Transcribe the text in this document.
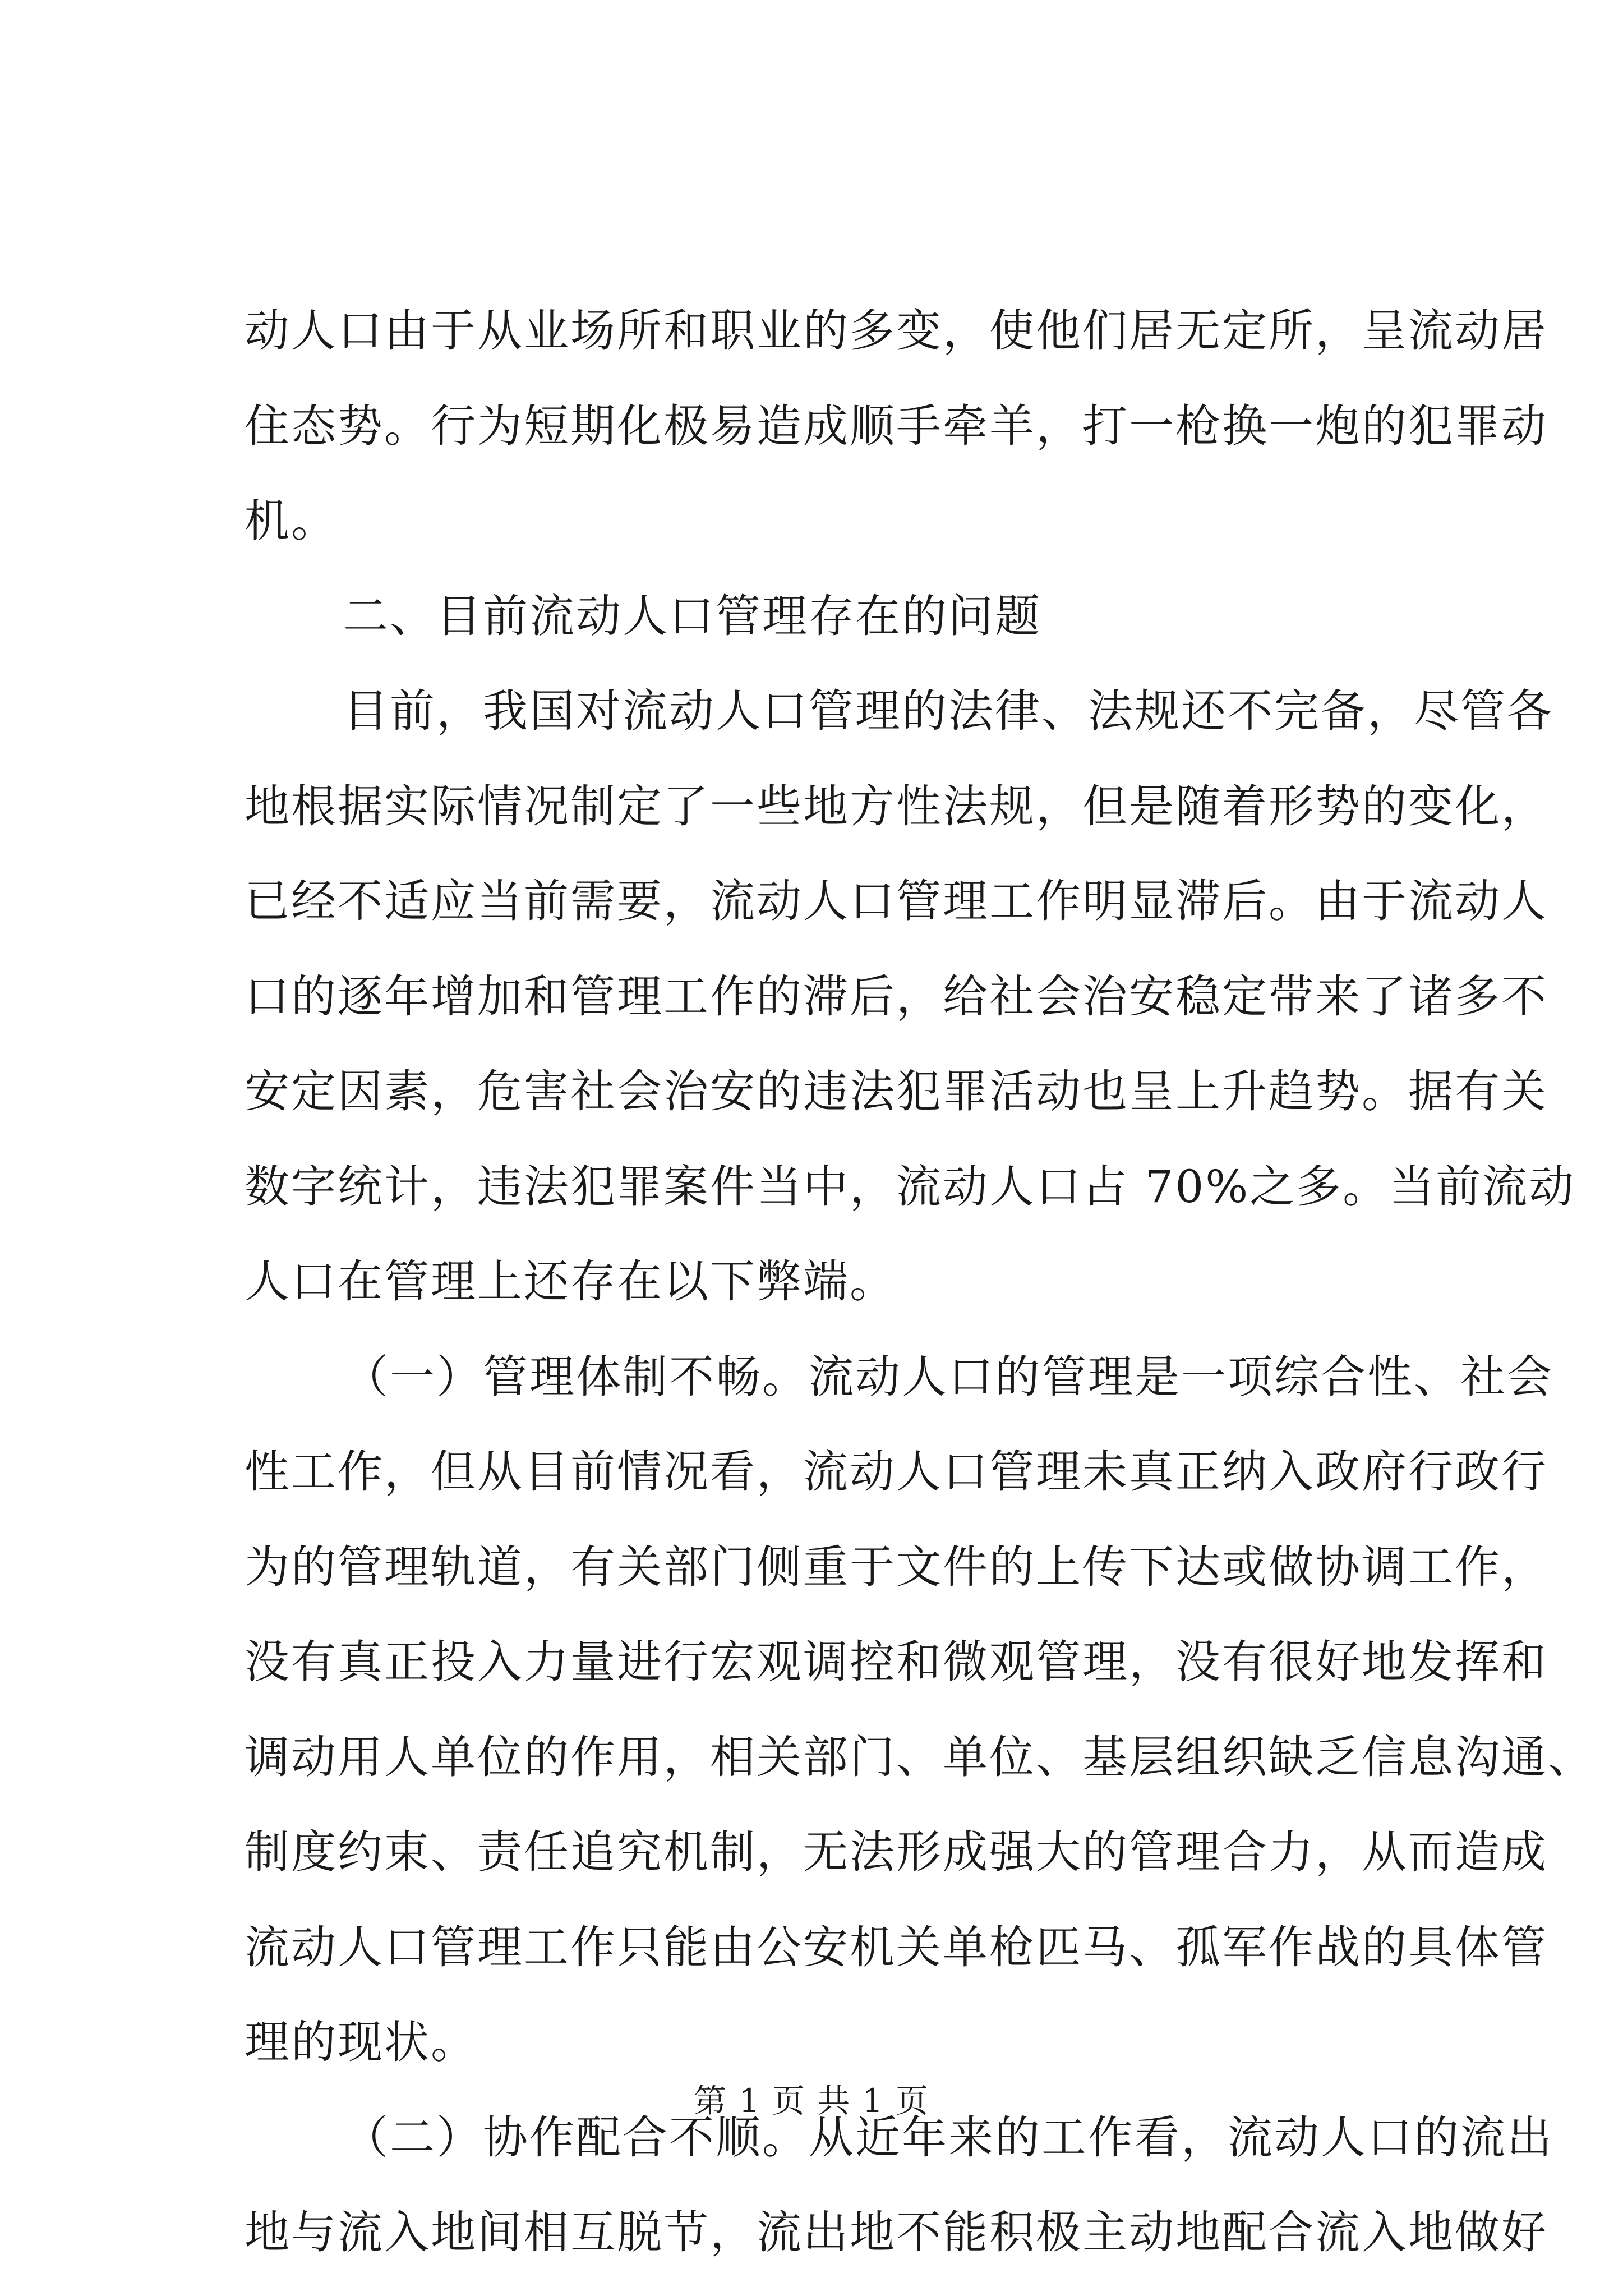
动人口由于从业场所和职业的多变，使他们居无定所，呈流动居
住态势。行为短期化极易造成顺手牵羊，打一枪换一炮的犯罪动
机。

二、目前流动人口管理存在的问题

目前，我国对流动人口管理的法律、法规还不完备，尽管各
地根据实际情况制定了一些地方性法规，但是随着形势的变化，
已经不适应当前需要，流动人口管理工作明显滞后。由于流动人
口的逐年增加和管理工作的滞后，给社会治安稳定带来了诸多不
安定因素，危害社会治安的违法犯罪活动也呈上升趋势。据有关
数字统计，违法犯罪案件当中，流动人口占 70%之多。当前流动
人口在管理上还存在以下弊端。

（一）管理体制不畅。流动人口的管理是一项综合性、社会
性工作，但从目前情况看，流动人口管理未真正纳入政府行政行
为的管理轨道，有关部门侧重于文件的上传下达或做协调工作，
没有真正投入力量进行宏观调控和微观管理，没有很好地发挥和
调动用人单位的作用，相关部门、单位、基层组织缺乏信息沟通、
制度约束、责任追究机制，无法形成强大的管理合力，从而造成
流动人口管理工作只能由公安机关单枪匹马、孤军作战的具体管
理的现状。

（二）协作配合不顺。从近年来的工作看，流动人口的流出
地与流入地间相互脱节，流出地不能积极主动地配合流入地做好

第 1 页 共 1 页
